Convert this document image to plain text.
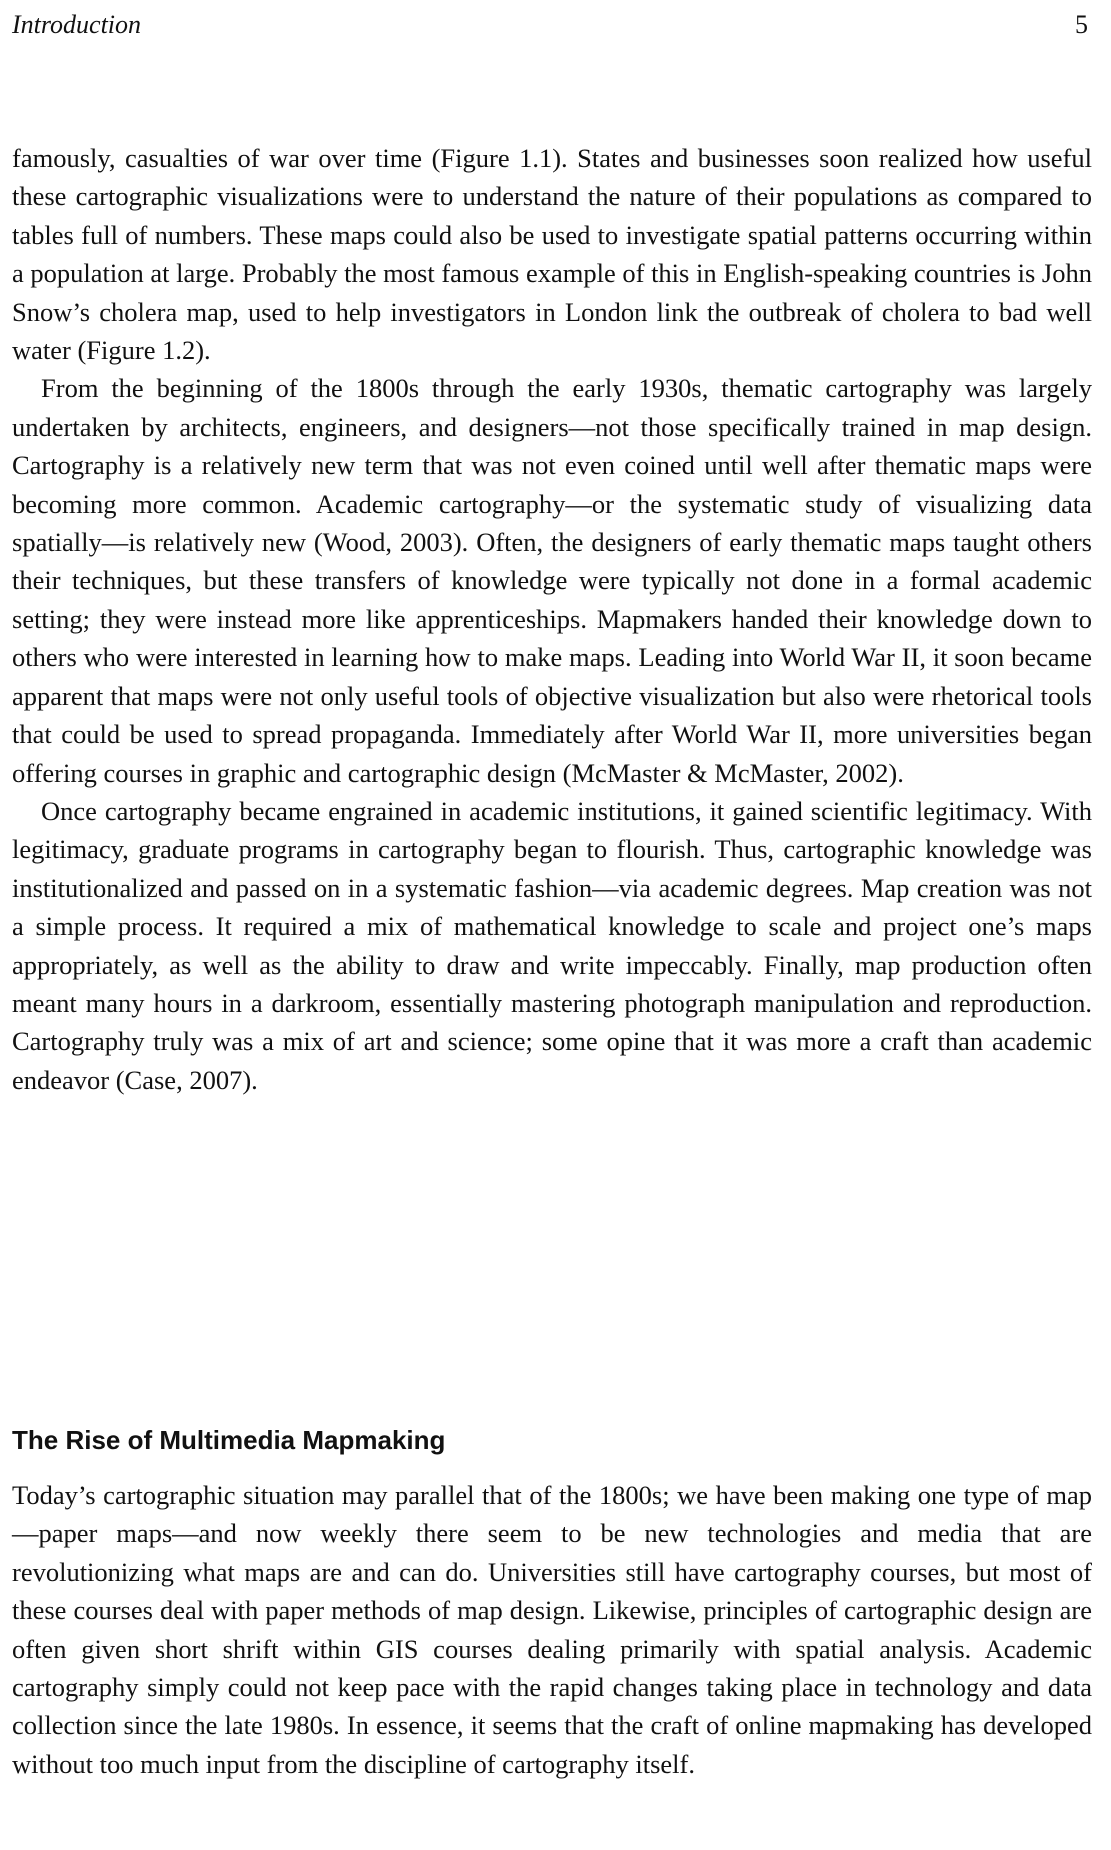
Introduction	5

famously, casualties of war over time (Figure 1.1). States and businesses soon realized how useful these cartographic visualizations were to understand the nature of their populations as compared to tables full of numbers. These maps could also be used to investigate spatial patterns occurring within a population at large. Probably the most famous example of this in English-speaking countries is John Snow’s cholera map, used to help investigators in London link the outbreak of cholera to bad well water (Figure 1.2).

From the beginning of the 1800s through the early 1930s, thematic cartography was largely undertaken by architects, engineers, and designers—not those specifically trained in map design. Cartography is a relatively new term that was not even coined until well after thematic maps were becoming more common. Academic cartography—or the systematic study of visualizing data spatially—is relatively new (Wood, 2003). Often, the designers of early thematic maps taught others their techniques, but these transfers of knowledge were typically not done in a formal academic setting; they were instead more like apprenticeships. Mapmakers handed their knowledge down to others who were interested in learning how to make maps. Leading into World War II, it soon became apparent that maps were not only useful tools of objective visualization but also were rhetorical tools that could be used to spread propaganda. Immediately after World War II, more universities began offering courses in graphic and cartographic design (McMaster & McMaster, 2002).

Once cartography became engrained in academic institutions, it gained scientific legitimacy. With legitimacy, graduate programs in cartography began to flourish. Thus, cartographic knowledge was institutionalized and passed on in a systematic fashion—via academic degrees. Map creation was not a simple process. It required a mix of mathematical knowledge to scale and project one’s maps appropriately, as well as the ability to draw and write impeccably. Finally, map production often meant many hours in a darkroom, essentially mastering photograph manipulation and reproduction. Cartography truly was a mix of art and science; some opine that it was more a craft than academic endeavor (Case, 2007).

The Rise of Multimedia Mapmaking

Today’s cartographic situation may parallel that of the 1800s; we have been making one type of map—paper maps—and now weekly there seem to be new technologies and media that are revolutionizing what maps are and can do. Universities still have cartography courses, but most of these courses deal with paper methods of map design. Likewise, principles of cartographic design are often given short shrift within GIS courses dealing primarily with spatial analysis. Academic cartography simply could not keep pace with the rapid changes taking place in technology and data collection since the late 1980s. In essence, it seems that the craft of online mapmaking has developed without too much input from the discipline of cartography itself.
